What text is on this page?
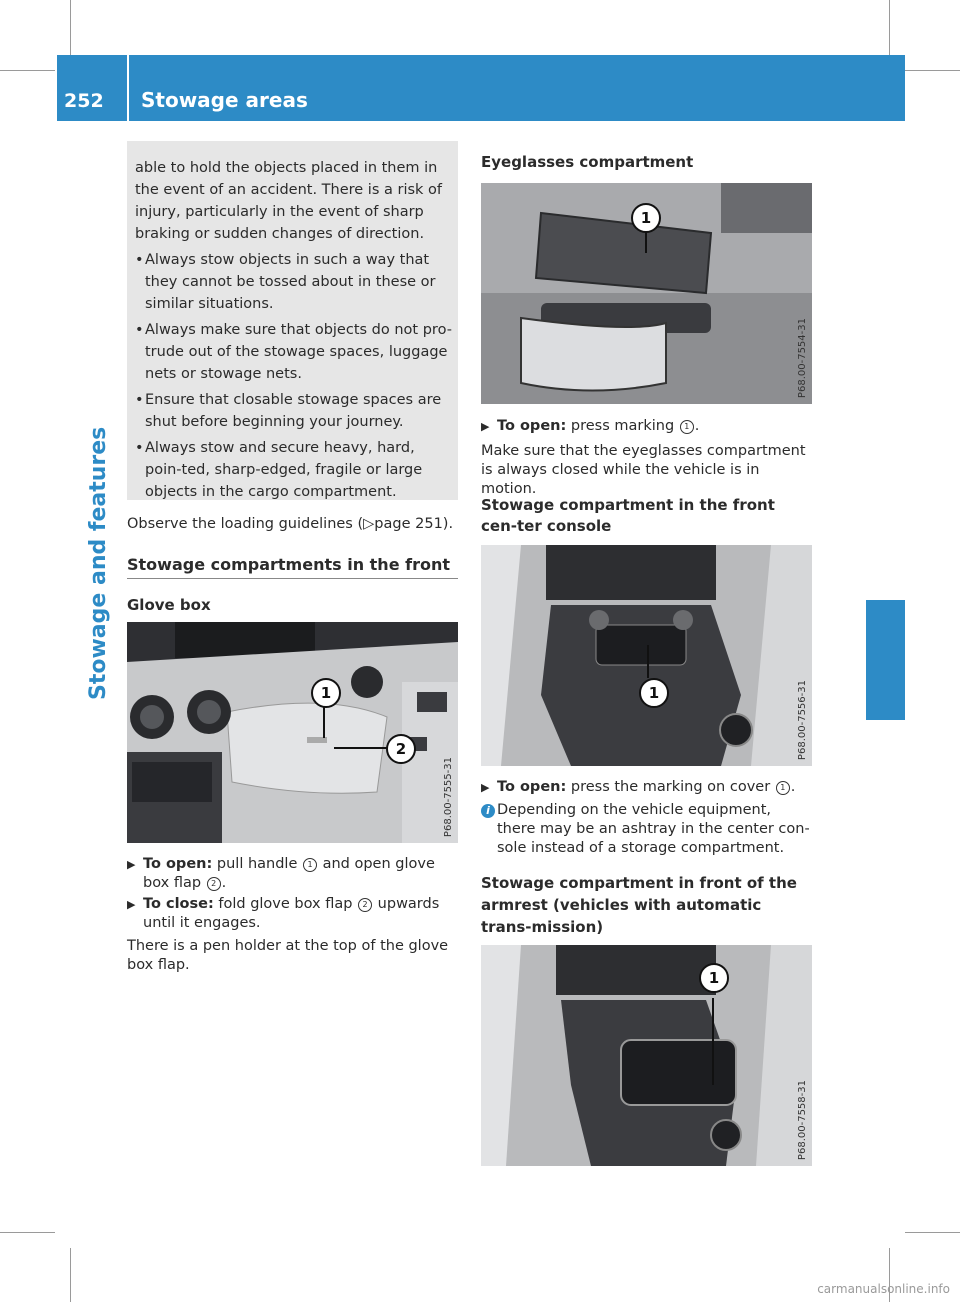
252 Stowage areas
Stowage and features

able to hold the objects placed in them in the event of an accident. There is a risk of injury, particularly in the event of sharp braking or sudden changes of direction.

• Always stow objects in such a way that they cannot be tossed about in these or similar situations.
• Always make sure that objects do not pro-trude out of the stowage spaces, luggage nets or stowage nets.
• Ensure that closable stowage spaces are shut before beginning your journey.
• Always stow and secure heavy, hard, poin-ted, sharp-edged, fragile or large objects in the cargo compartment.
Observe the loading guidelines (▷page 251).
Stowage compartments in the front
Glove box
1
2
P68.00-7555-31
▶ To open: pull handle 1 and open glove box flap 2 .
▶ To close: fold glove box flap 2 upwards until it engages.
There is a pen holder at the top of the glove box flap.
Eyeglasses compartment
1
P68.00-7554-31
▶ To open: press marking 1 .
Make sure that the eyeglasses compartment is always closed while the vehicle is in motion.
Stowage compartment in the front cen-ter console
1	P68.00-7556-31
▶ To open: press the marking on cover 1 .
i Depending on the vehicle equipment, there may be an ashtray in the center con-sole instead of a storage compartment.
Stowage compartment in front of the armrest (vehicles with automatic trans-mission)
1
P68.00-7558-31
carmanualsonline.info
